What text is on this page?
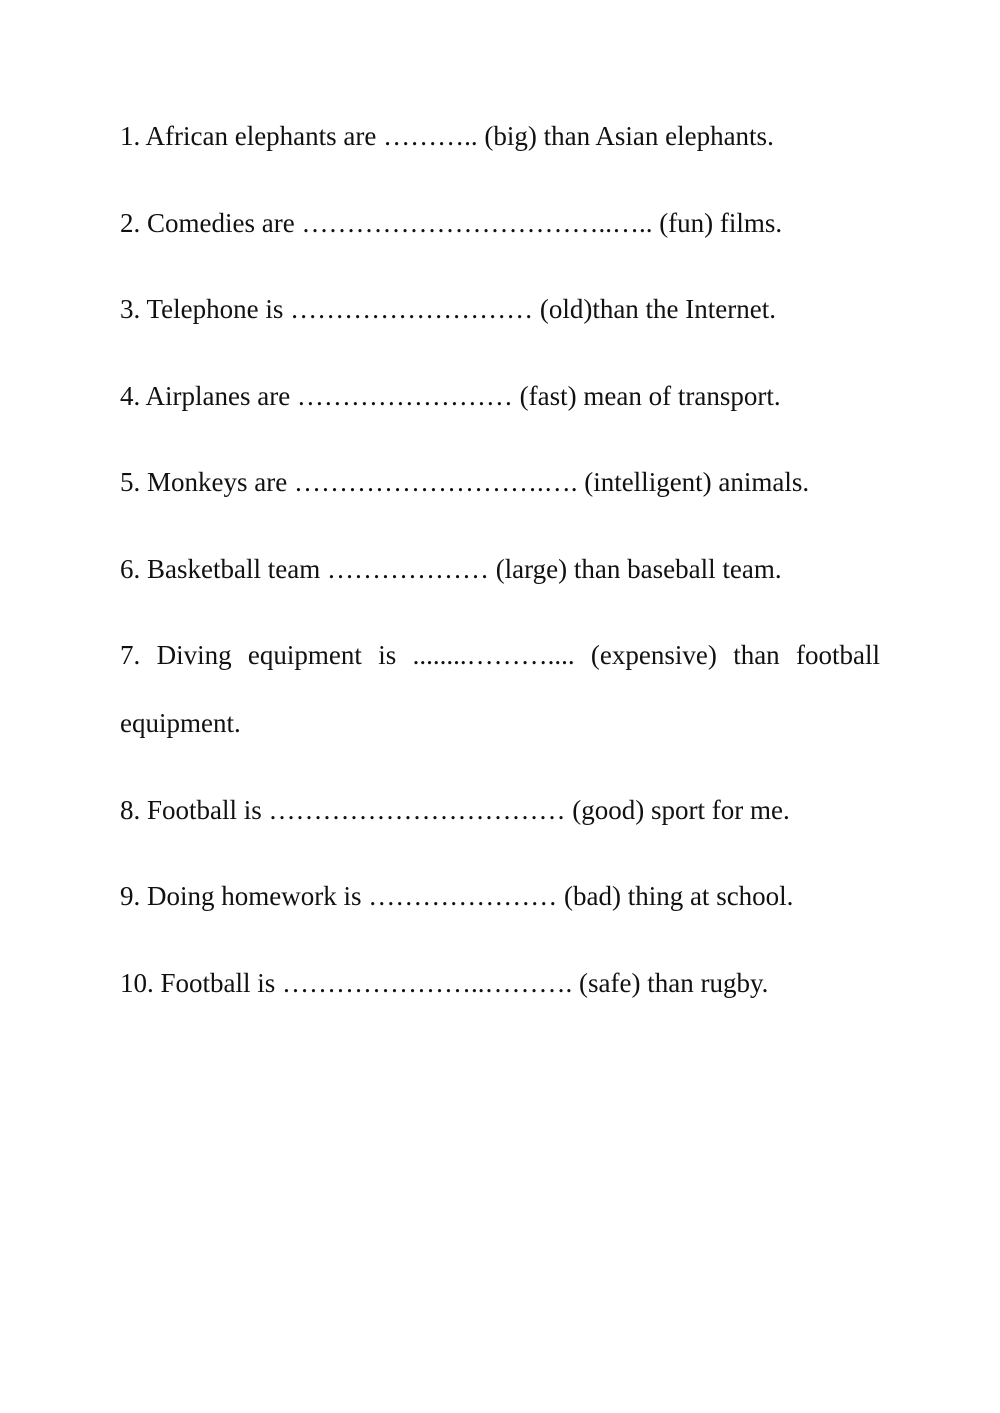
1. African elephants are ……….. (big) than Asian elephants.
2. Comedies are ……………………………..….. (fun) films.
3. Telephone is ……………………… (old)than the Internet.
4. Airplanes are …………………… (fast) mean of transport.
5. Monkeys are ……………………….…. (intelligent) animals.
6. Basketball team ……………… (large) than baseball team.
7. Diving equipment is ........……….... (expensive) than football equipment.
8. Football is …………………………… (good) sport for me.
9. Doing homework is ………………… (bad) thing at school.
10. Football is …………………..………. (safe) than rugby.
